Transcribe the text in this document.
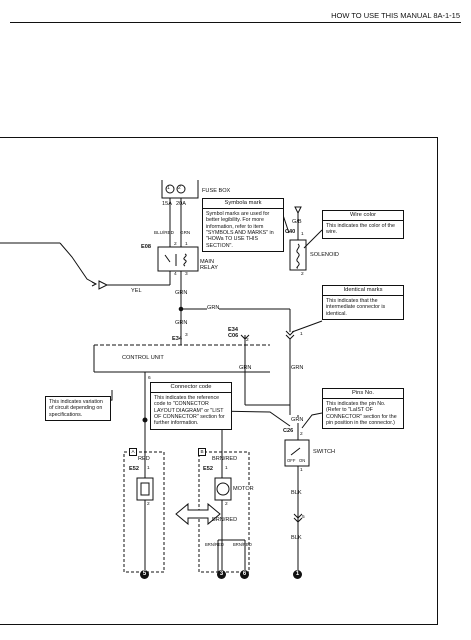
HOW TO USE THIS MANUAL 8A-1-15
FUSE BOX
1 2
15A 20A
BLU/RED GRN
E08	2 1
4 3
MAIN
RELAY
YEL	GRN
GRN
GRN
E34
3
E34
C06
2
1
CONTROL UNIT
6
GRN	GRN
G/B
C40 1
2
SOLENOID
GRN
C26
2
1
OFF ON
SWITCH
BLK
5
BLK
A	B
RED	BRN/RED
E52	E52
1
2
1
2
MOTOR
BRN/RED
BRN/RED BRN/RED
5	3	6	1
Symbola mark
Symbol marks are used for better legibility. For more information, refer to item "SYMBOLS AND MARKS" in "HOWa TO USE THIS SECTION".
Wire color
This indicates the color of the wire.
Identical marks
This indicates that the intermediate connector is identical.
Connector code
This indicates the reference code to "CONNECTOR LAYOUT DIAGRAM" or "LIST OF CONNECTOR" section for further information.
Pins No.
This indicates the pin No. (Refer to "LaIST OF CONNECTOR" section for the pin position in the connector.)
This indicates variation of circuit depending on specifications.
